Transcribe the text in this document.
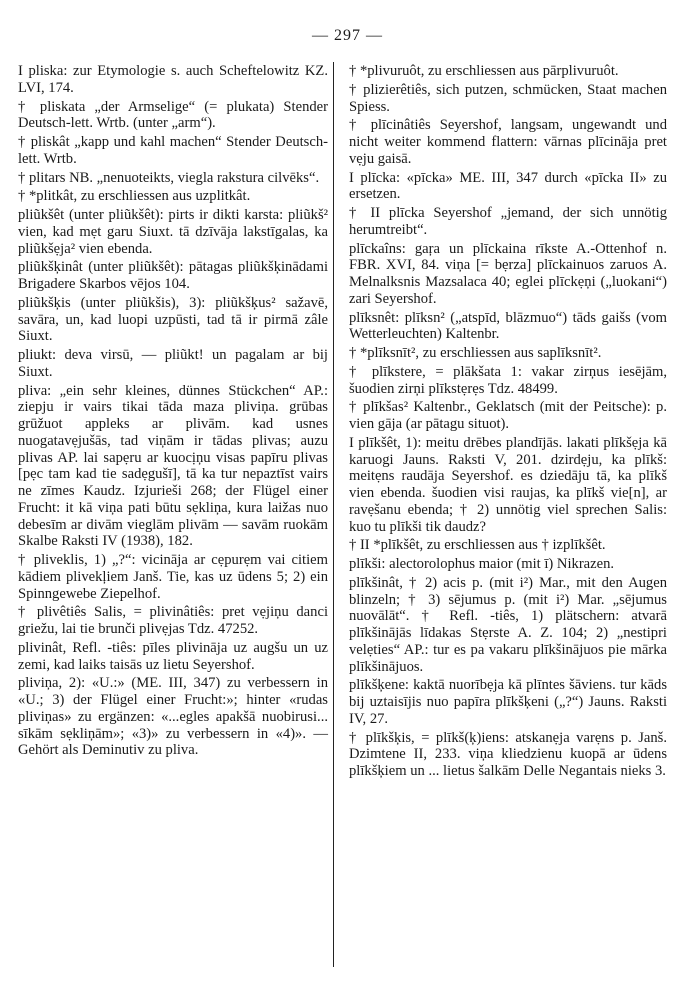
— 297 —

I pliska: zur Etymologie s. auch Scheftelowitz KZ. LVI, 174.

† pliskata „der Armselige“ (= plukata) Stender Deutsch-lett. Wrtb. (unter „arm“).

† pliskât „kapp und kahl machen“ Stender Deutsch-lett. Wrtb.

† plitars NB. „nenuoteikts, viegla rakstura cilvēks“.

† *plitkât, zu erschliessen aus uzplitkât.

pliũkšêt (unter pliũkšêt): pirts ir dikti karsta: pliũkš² vien, kad mẹt garu Siuxt. tā dzīvāja lakstīgalas, ka pliũkšẹja² vien ebenda.

pliũkšķinât (unter pliũkšêt): pātagas pliũkšķinādami Brigadere Skarbos vējos 104.

pliũkšķis (unter pliũkšis), 3): pliũkšķus² sažavē, savāra, un, kad luopi uzpūsti, tad tā ir pirmā zâle Siuxt.

pliukt: deva virsū, — pliũkt! un pagalam ar bij Siuxt.

pliva: „ein sehr kleines, dünnes Stückchen“ AP.: ziepju ir vairs tikai tāda maza pliviņa. grūbas grūžuot appleks ar plivām. kad usnes nuogatavẹjušās, tad viņām ir tādas plivas; auzu plivas AP. lai sapẹru ar kuocịņu visas papīru plivas [pẹc tam kad tie sadẹgušī], tā ka tur nepaztīst vairs ne zīmes Kaudz. Izjurieši 268; der Flügel einer Frucht: it kā viņa pati būtu sẹkliņa, kura laižas nuo debesīm ar divām vieglām plivām — savām ruokām Skalbe Raksti IV (1938), 182.

† pliveklis, 1) „?“: vicināja ar cẹpurẹm vai citiem kādiem plivekļiem Janš. Tie, kas uz ūdens 5; 2) ein Spinngewebe Ziepelhof.

† plivêtiês Salis, = plivinâtiês: pret vẹjiņu danci griežu, lai tie brunči plivẹjas Tdz. 47252.

plivinât, Refl. -tiês: pīles plivināja uz augšu un uz zemi, kad laiks taisās uz lietu Seyershof.

pliviņa, 2): «U.:» (ME. III, 347) zu verbessern in «U.; 3) der Flügel einer Frucht:»; hinter «rudas pliviņas» zu ergänzen: «...egles apakšā nuobirusi... sīkām sẹkliņām»; «3)» zu verbessern in «4)». — Gehört als Deminutiv zu pliva.

† *plivuruôt, zu erschliessen aus pārplivuruôt.

† plizierêtiês, sich putzen, schmücken, Staat machen Spiess.

† plīcinâtiês Seyershof, langsam, ungewandt und nicht weiter kommend flattern: vārnas plīcināja pret vẹju gaisā.

I plīcka: «pīcka» ME. III, 347 durch «pīcka II» zu ersetzen.

† II plīcka Seyershof „jemand, der sich unnötig herumtreibt“.

plīckaîns: gaŗa un plīckaina rīkste A.-Ottenhof n. FBR. XVI, 84. viņa [= bẹrza] plīckainuos zaruos A. Melnalksnis Mazsalaca 40; eglei plīckẹņi („luokani“) zari Seyershof.

plīksnêt: plīksn² („atspīd, blāzmuo“) tāds gaišs (vom Wetterleuchten) Kaltenbr.

† *plīksnīt², zu erschliessen aus saplīksnīt².

† plīkstere, = plākšata 1: vakar zirņus iesējām, šuodien zirņi plīkstẹrẹs Tdz. 48499.

† plīkšas² Kaltenbr., Geklatsch (mit der Peitsche): p. vien gāja (ar pātagu situot).

I plīkšêt, 1): meitu drēbes plandījās. lakati plīkšẹja kā karuogi Jauns. Raksti V, 201. dzirdẹju, ka plīkš: meitẹns raudāja Seyershof. es dziedāju tā, ka plīkš vien ebenda. šuodien visi raujas, ka plīkš vie[n], ar ravẹšanu ebenda; † 2) unnötig viel sprechen Salis: kuo tu plīkši tik daudz?

† II *plīkšêt, zu erschliessen aus † izplīkšêt.

plīkši: alectorolophus maior (mit ī) Nikrazen.

plīkšinât, † 2) acis p. (mit i²) Mar., mit den Augen blinzeln; † 3) sējumus p. (mit i²) Mar. „sējumus nuovālāt“. † Refl. -tiês, 1) plätschern: atvarā plīkšinājās līdakas Stẹrste A. Z. 104; 2) „nestipri velẹties“ AP.: tur es pa vakaru plīkšinājuos pie mārka plīkšinājuos.

plīkšķene: kaktā nuorībẹja kā plīntes šāviens. tur kāds bij uztaisījis nuo papīra plīkšķeni („?“) Jauns. Raksti IV, 27.

† plīkšķis, = plīkš(ķ)iens: atskanẹja varẹns p. Janš. Dzimtene II, 233. viņa kliedzienu kuopā ar ūdens plīkšķiem un ... lietus šalkām Delle Negantais nieks 3.
